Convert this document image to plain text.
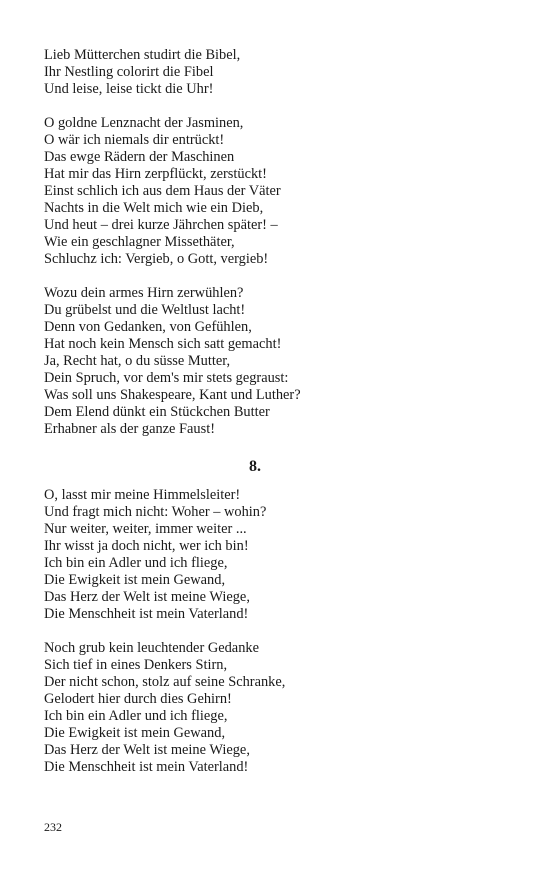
Lieb Mütterchen studirt die Bibel,
Ihr Nestling colorirt die Fibel
Und leise, leise tickt die Uhr!
O goldne Lenznacht der Jasminen,
O wär ich niemals dir entrückt!
Das ewge Rädern der Maschinen
Hat mir das Hirn zerpflückt, zerstückt!
Einst schlich ich aus dem Haus der Väter
Nachts in die Welt mich wie ein Dieb,
Und heut – drei kurze Jährchen später! –
Wie ein geschlagner Missethäter,
Schluchz ich: Vergieb, o Gott, vergieb!
Wozu dein armes Hirn zerwühlen?
Du grübelst und die Weltlust lacht!
Denn von Gedanken, von Gefühlen,
Hat noch kein Mensch sich satt gemacht!
Ja, Recht hat, o du süsse Mutter,
Dein Spruch, vor dem's mir stets gegraust:
Was soll uns Shakespeare, Kant und Luther?
Dem Elend dünkt ein Stückchen Butter
Erhabner als der ganze Faust!
8.
O, lasst mir meine Himmelsleiter!
Und fragt mich nicht: Woher – wohin?
Nur weiter, weiter, immer weiter ...
Ihr wisst ja doch nicht, wer ich bin!
Ich bin ein Adler und ich fliege,
Die Ewigkeit ist mein Gewand,
Das Herz der Welt ist meine Wiege,
Die Menschheit ist mein Vaterland!
Noch grub kein leuchtender Gedanke
Sich tief in eines Denkers Stirn,
Der nicht schon, stolz auf seine Schranke,
Gelodert hier durch dies Gehirn!
Ich bin ein Adler und ich fliege,
Die Ewigkeit ist mein Gewand,
Das Herz der Welt ist meine Wiege,
Die Menschheit ist mein Vaterland!
232
